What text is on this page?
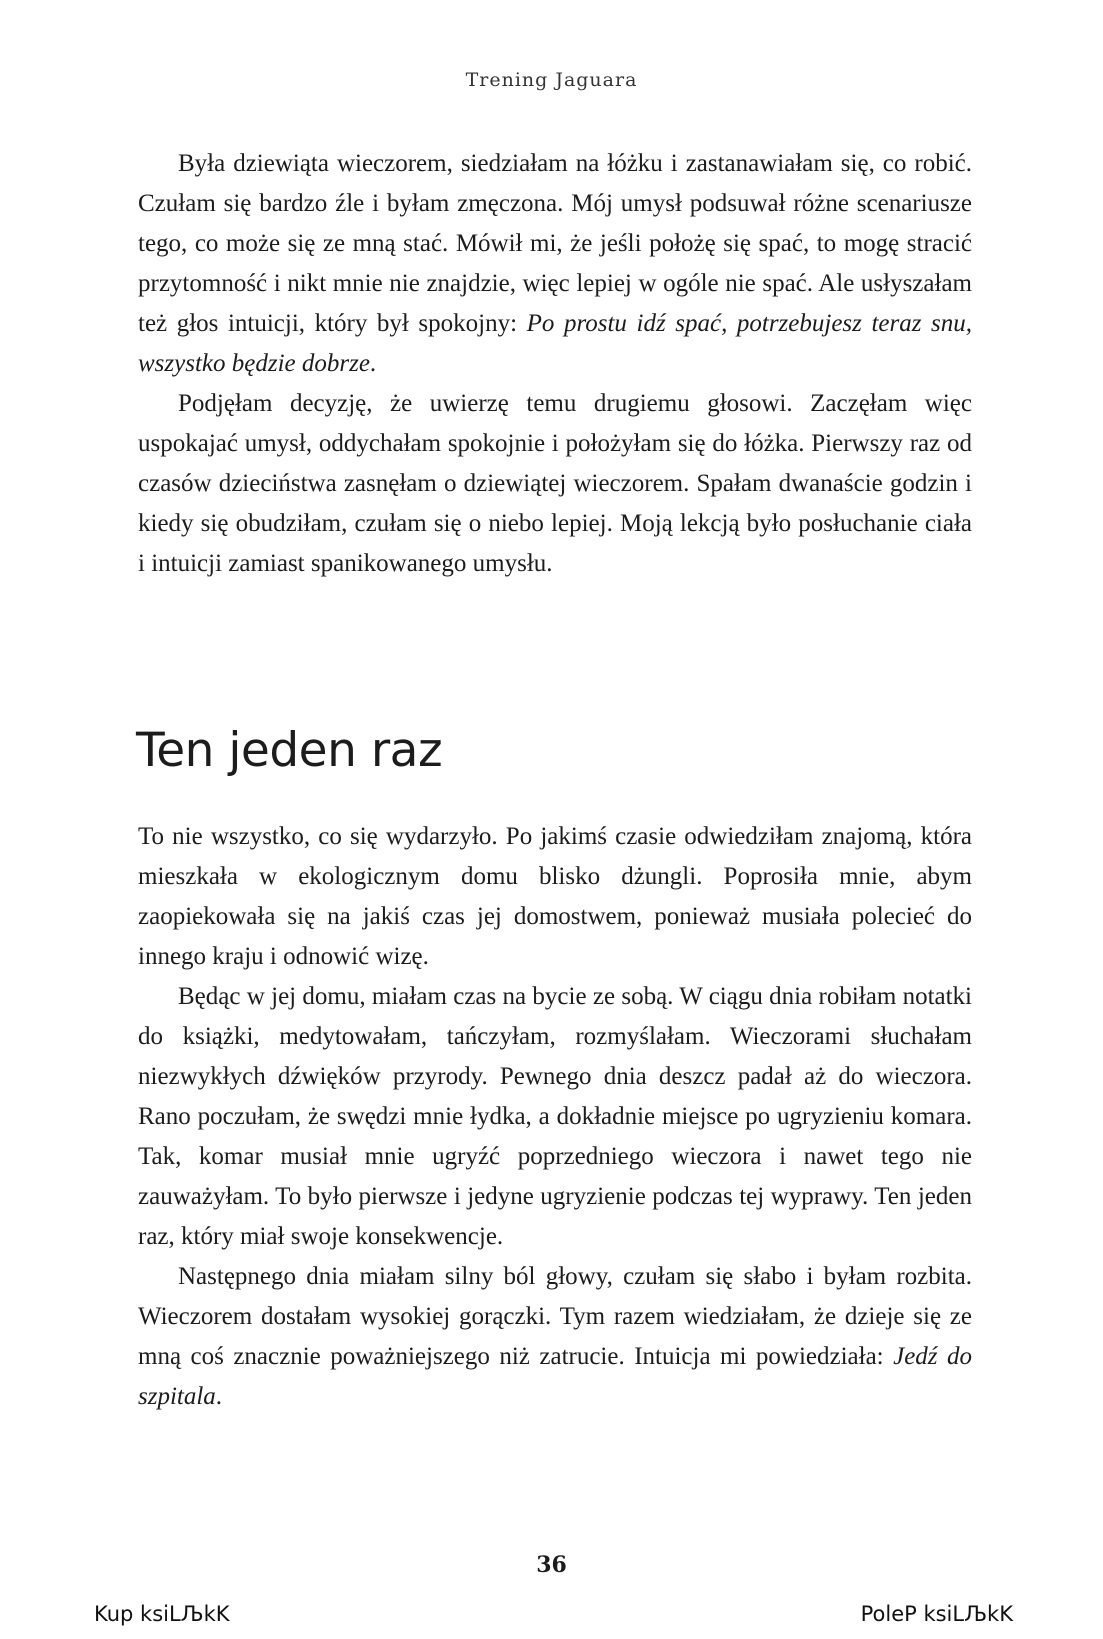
Trening Jaguara

Była dziewiąta wieczorem, siedziałam na łóżku i zastanawiałam się, co robić. Czułam się bardzo źle i byłam zmęczona. Mój umysł podsuwał różne scenariusze tego, co może się ze mną stać. Mówił mi, że jeśli położę się spać, to mogę stracić przytomność i nikt mnie nie znajdzie, więc lepiej w ogóle nie spać. Ale usłyszałam też głos intuicji, który był spokojny: Po prostu idź spać, potrzebujesz teraz snu, wszystko będzie dobrze.

Podjęłam decyzję, że uwierzę temu drugiemu głosowi. Zaczęłam więc uspokajać umysł, oddychałam spokojnie i położyłam się do łóżka. Pierwszy raz od czasów dzieciństwa zasnęłam o dziewiątej wieczorem. Spałam dwanaście godzin i kiedy się obudziłam, czułam się o niebo lepiej. Moją lekcją było posłuchanie ciała i intuicji zamiast spanikowanego umysłu.

Ten jeden raz

To nie wszystko, co się wydarzyło. Po jakimś czasie odwiedziłam znajomą, która mieszkała w ekologicznym domu blisko dżungli. Poprosiła mnie, abym zaopiekowała się na jakiś czas jej domostwem, ponieważ musiała polecieć do innego kraju i odnowić wizę.

Będąc w jej domu, miałam czas na bycie ze sobą. W ciągu dnia robiłam notatki do książki, medytowałam, tańczyłam, rozmyślałam. Wieczorami słuchałam niezwykłych dźwięków przyrody. Pewnego dnia deszcz padał aż do wieczora. Rano poczułam, że swędzi mnie łydka, a dokładnie miejsce po ugryzieniu komara. Tak, komar musiał mnie ugryźć poprzedniego wieczora i nawet tego nie zauważyłam. To było pierwsze i jedyne ugryzienie podczas tej wyprawy. Ten jeden raz, który miał swoje konsekwencje.

Następnego dnia miałam silny ból głowy, czułam się słabo i byłam rozbita. Wieczorem dostałam wysokiej gorączki. Tym razem wiedziałam, że dzieje się ze mną coś znacznie poważniejszego niż zatrucie. Intuicja mi powiedziała: Jedź do szpitala.

36
Kup ksiLЉkK	PoleP ksiLЉkK
